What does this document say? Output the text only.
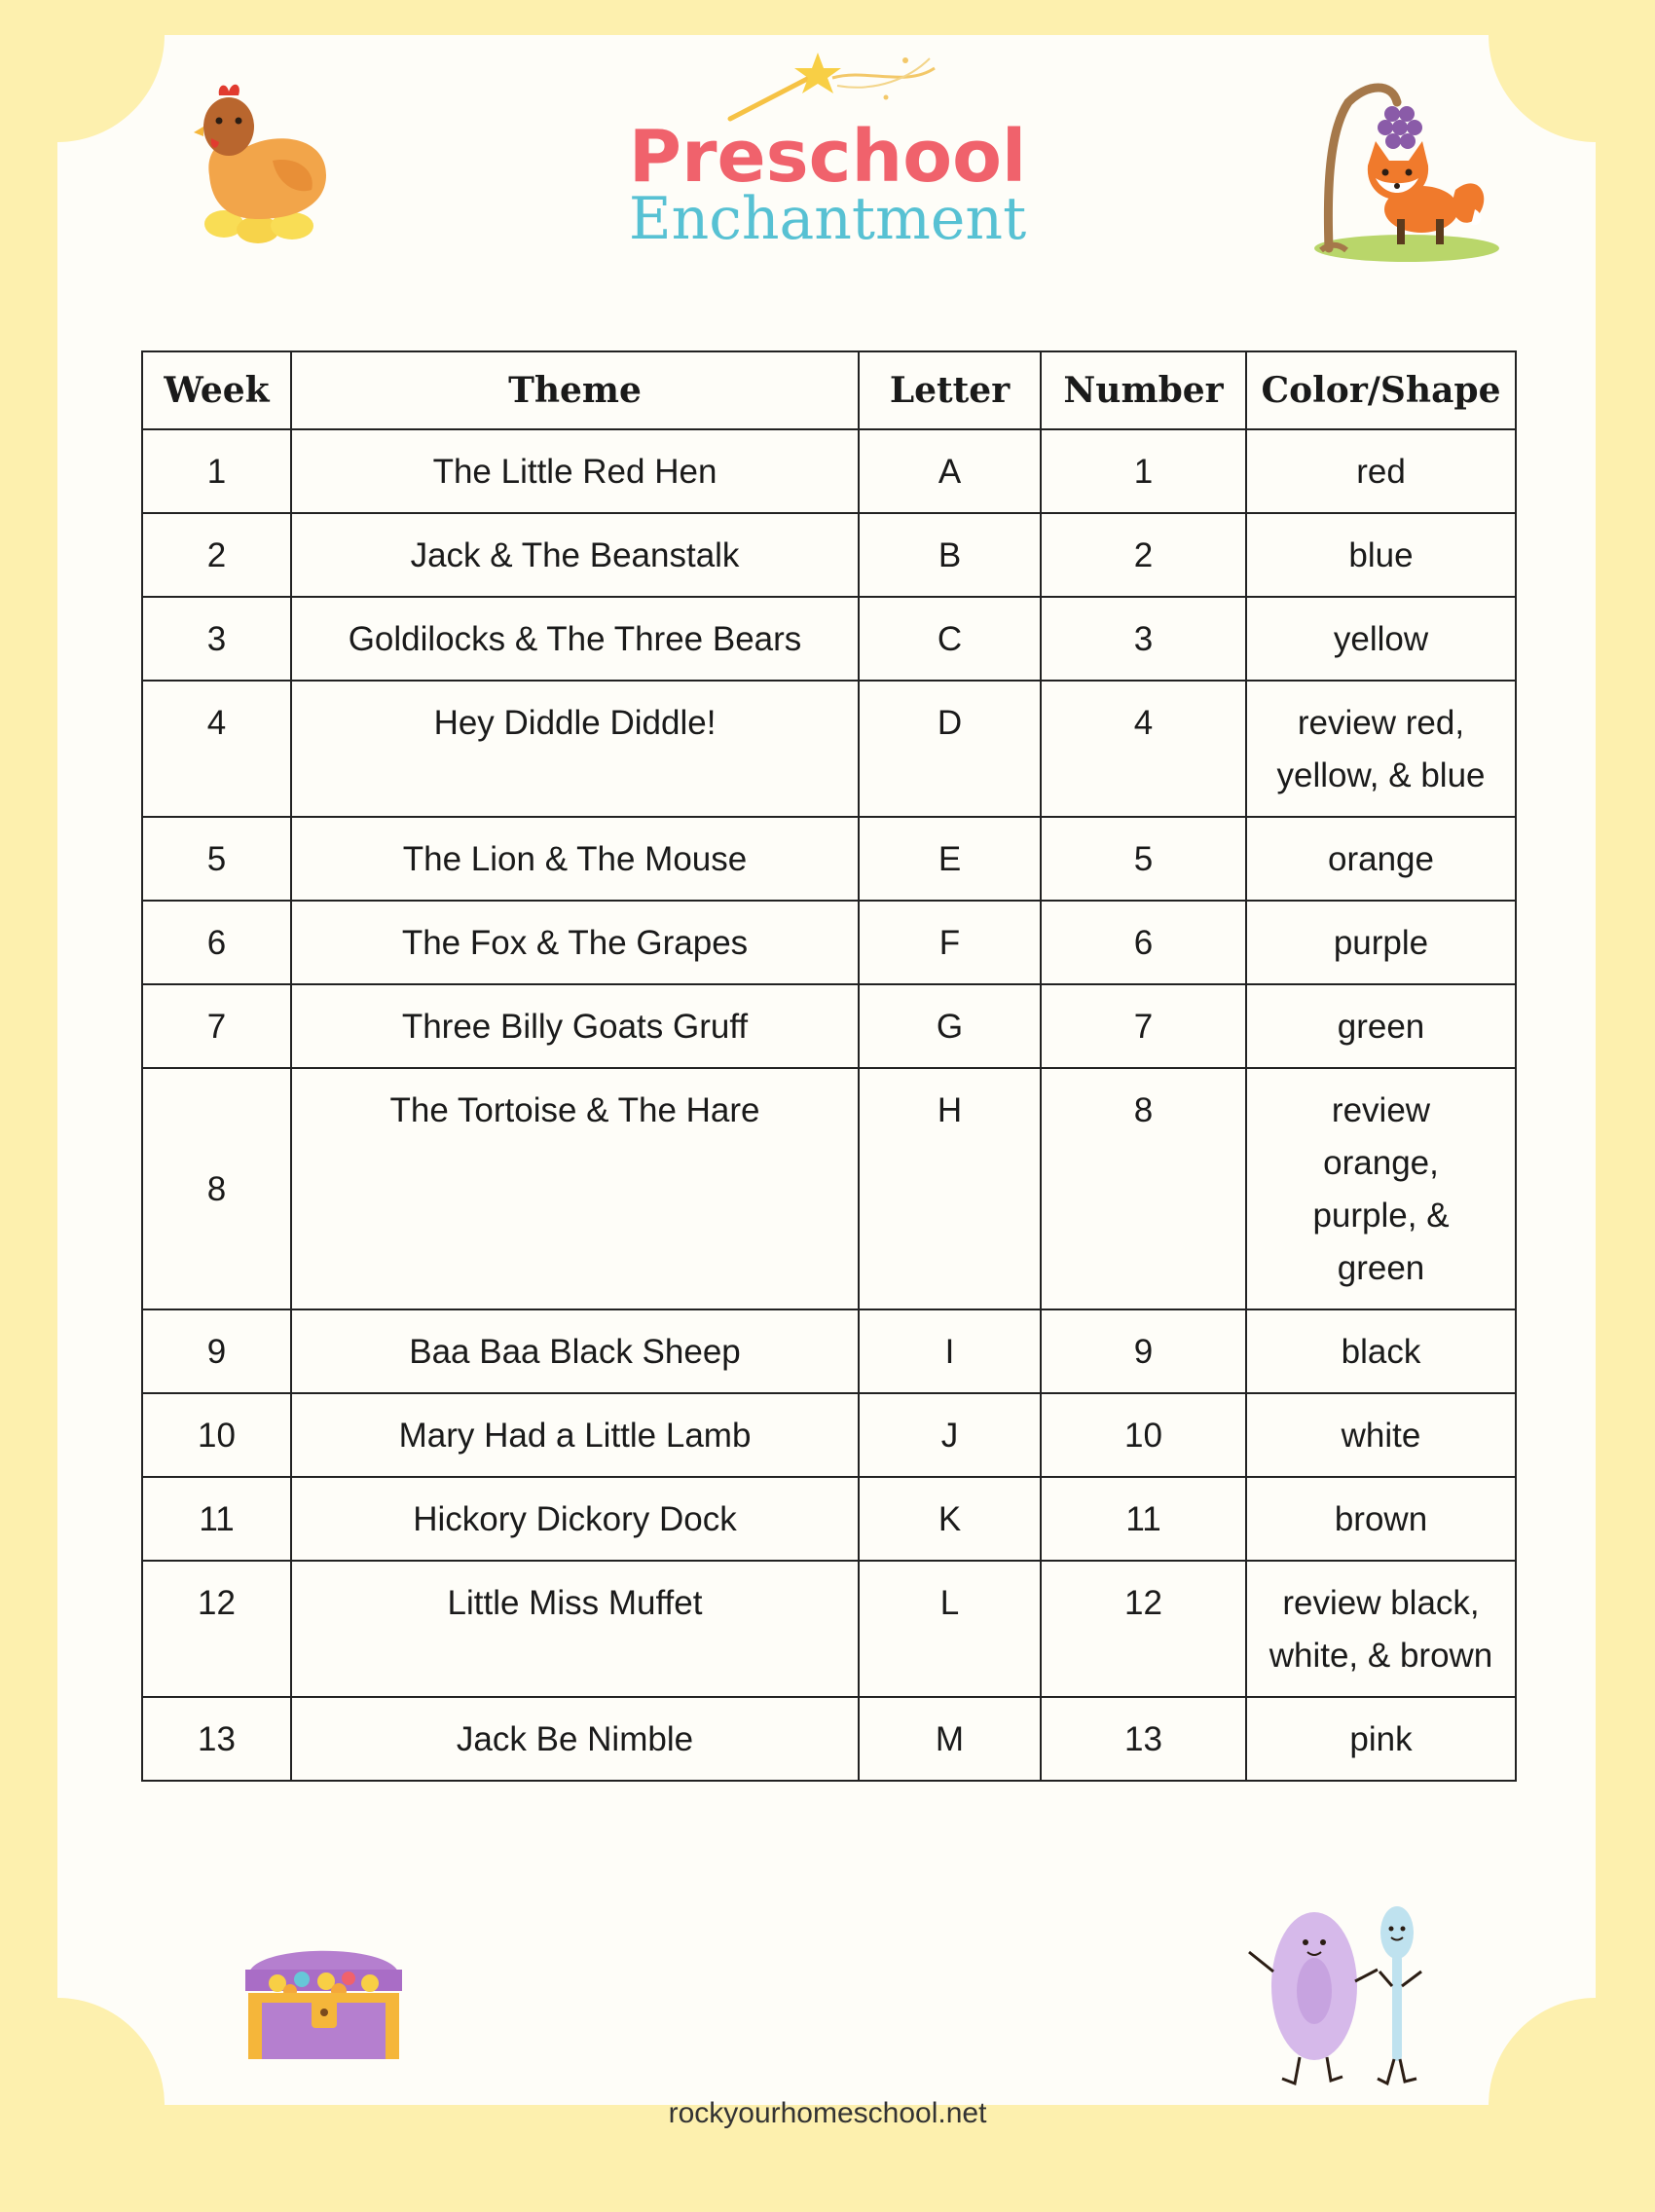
Preschool
Enchantment
Week	Theme	Letter	Number	Color/Shape
1	The Little Red Hen	A	1	red
2	Jack & The Beanstalk	B	2	blue
3	Goldilocks & The Three Bears	C	3	yellow
4	Hey Diddle Diddle!	D	4	review red, yellow, & blue
5	The Lion & The Mouse	E	5	orange
6	The Fox & The Grapes	F	6	purple
7	Three Billy Goats Gruff	G	7	green
8	The Tortoise & The Hare	H	8	review orange, purple, & green
9	Baa Baa Black Sheep	I	9	black
10	Mary Had a Little Lamb	J	10	white
11	Hickory Dickory Dock	K	11	brown
12	Little Miss Muffet	L	12	review black, white, & brown
13	Jack Be Nimble	M	13	pink
rockyourhomeschool.net
